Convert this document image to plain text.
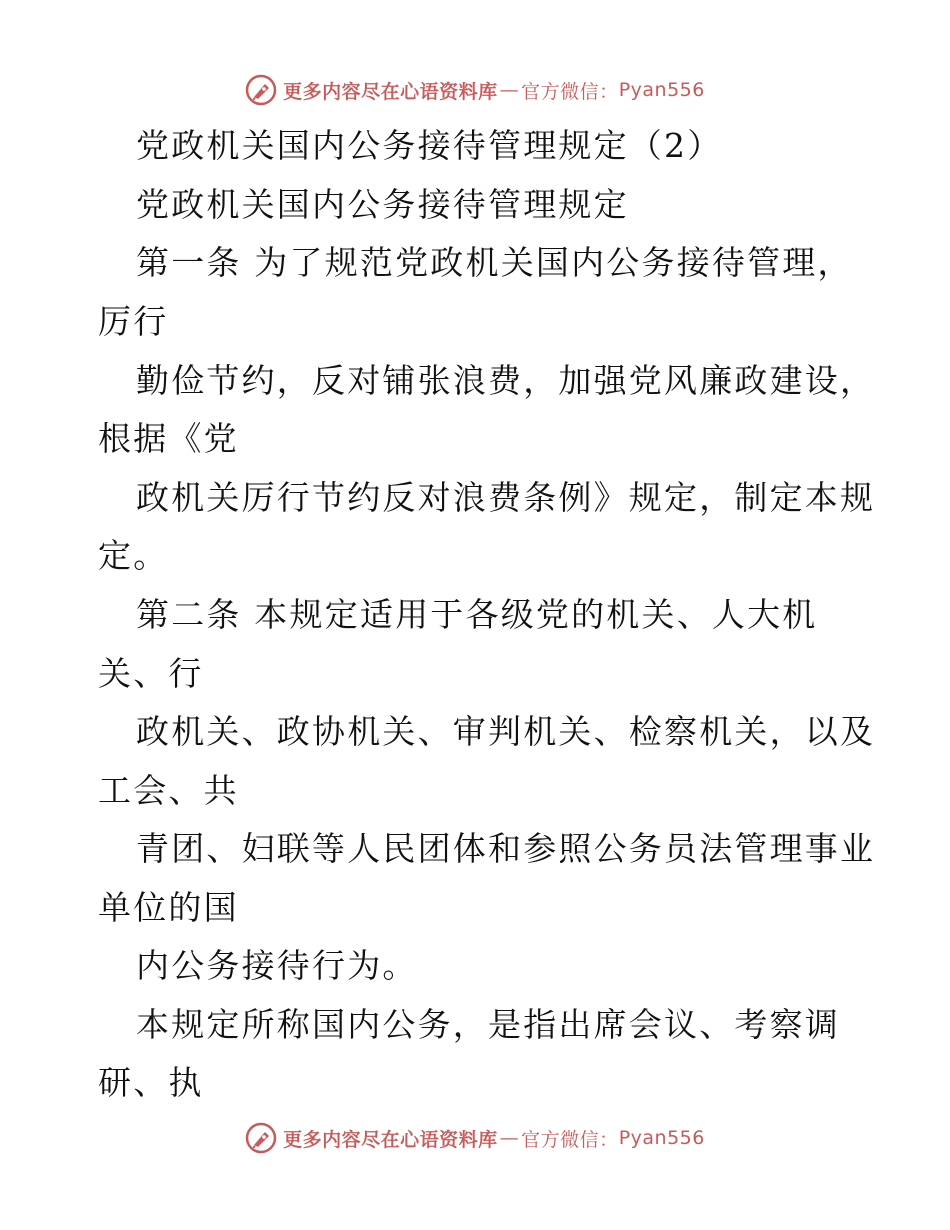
更多内容尽在心语资料库 — 官方微信： Pyan556
党政机关国内公务接待管理规定（2）
党政机关国内公务接待管理规定
第一条 为了规范党政机关国内公务接待管理，
厉行
勤俭节约，反对铺张浪费，加强党风廉政建设，
根据《党
政机关厉行节约反对浪费条例》规定，制定本规
定。
第二条 本规定适用于各级党的机关、人大机
关、行
政机关、政协机关、审判机关、检察机关，以及
工会、共
青团、妇联等人民团体和参照公务员法管理事业
单位的国
内公务接待行为。
本规定所称国内公务，是指出席会议、考察调
研、执
更多内容尽在心语资料库 — 官方微信： Pyan556
